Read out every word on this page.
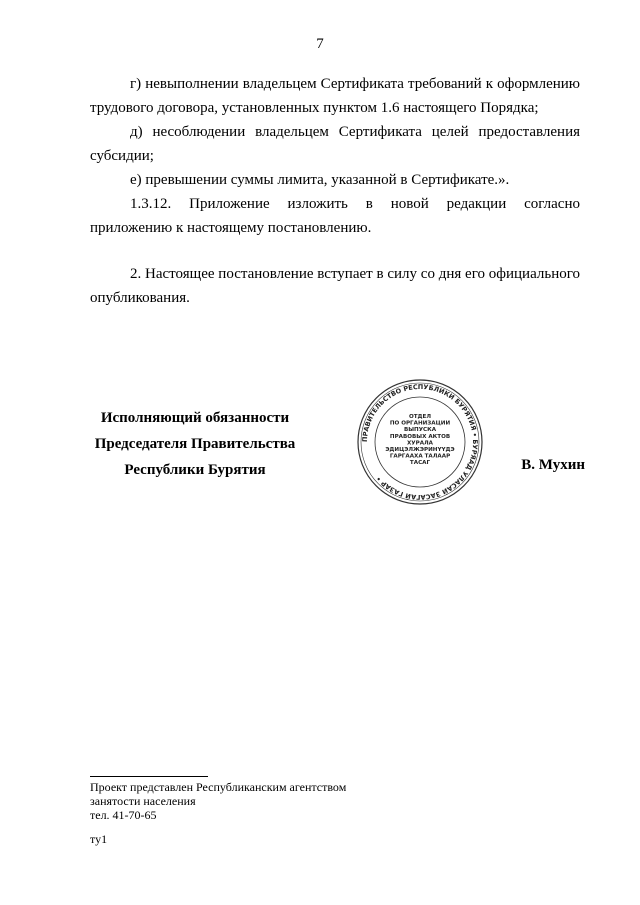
7

г) невыполнении владельцем Сертификата требований к оформлению трудового договора, установленных пунктом 1.6 настоящего Порядка;

д) несоблюдении владельцем Сертификата целей предоставления субсидии;

е) превышении суммы лимита, указанной в Сертификате.».

1.3.12. Приложение изложить в новой редакции согласно приложению к настоящему постановлению.

2. Настоящее постановление вступает в силу со дня его официального опубликования.

Исполняющий обязанности
Председателя Правительства
Республики Бурятия
ПРАВИТЕЛЬСТВО РЕСПУБЛИКИ БУРЯТИЯ • БУРЯАД УЛАСАЙ ЗАСАГАЙ ГАЗАР •
ОТДЕЛ
ПО ОРГАНИЗАЦИИ
ВЫПУСКА
ПРАВОВЫХ АКТОВ
ХУРАЛА
ЭДИЦЭЛЖЭРИНҮҮДЭ
ГАРГААХА ТАЛААР
ТАСАГ	В. Мухин
Проект представлен Республиканским агентством
занятости населения
тел. 41-70-65
ту1
